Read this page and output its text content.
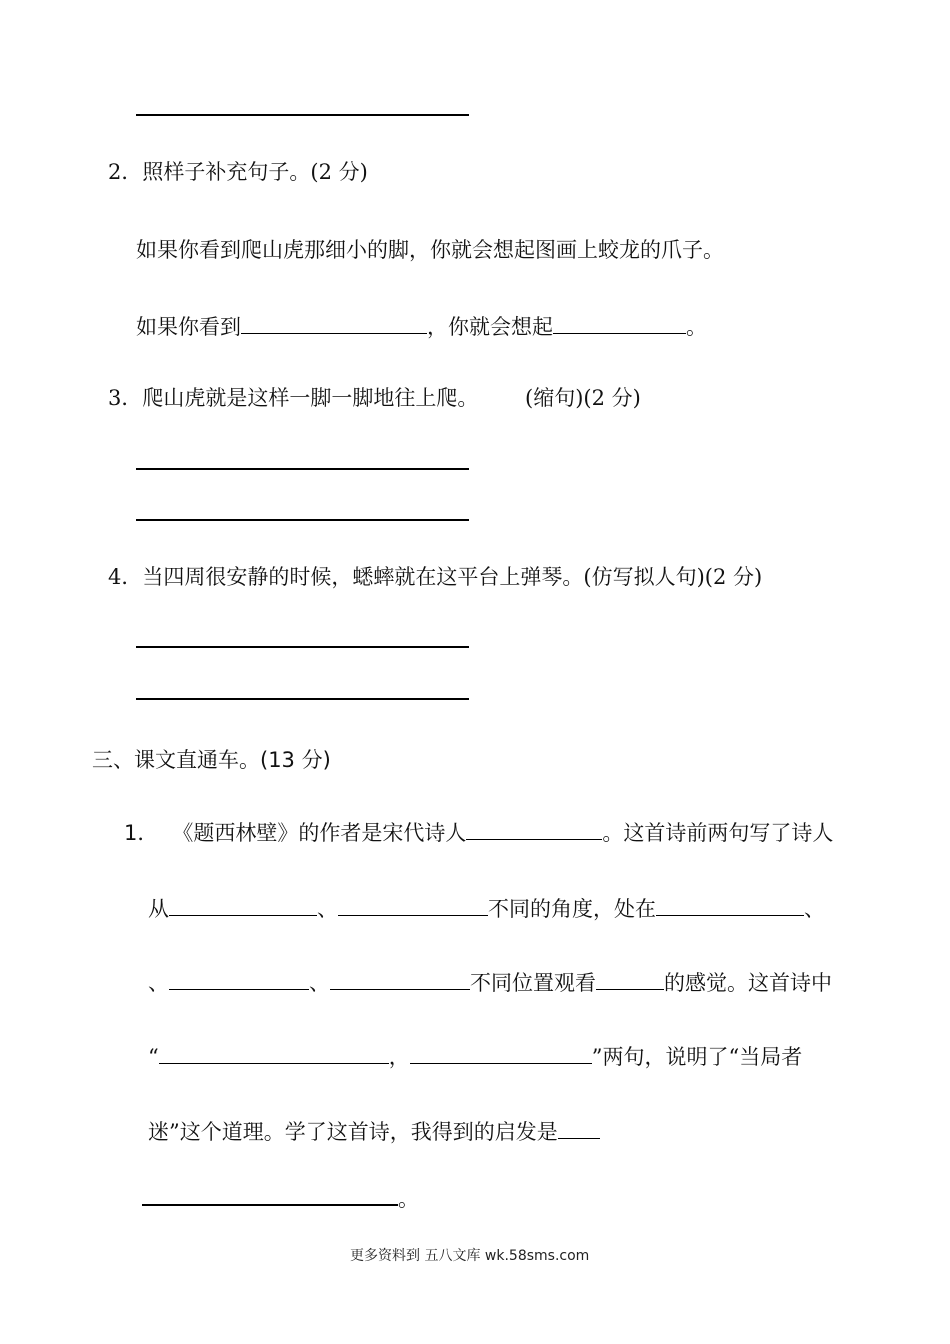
2．照样子补充句子。(2 分)
如果你看到爬山虎那细小的脚，你就会想起图画上蛟龙的爪子。
如果你看到	，你就会想起	。
3．爬山虎就是这样一脚一脚地往上爬。 (缩句)(2 分)
4．当四周很安静的时候，蟋蟀就在这平台上弹琴。(仿写拟人句)(2 分)
三、课文直通车。(13 分)
1． 《题西林壁》的作者是宋代诗人	。这首诗前两句写了诗人
从	、	不同的角度，处在	、
、	、	不同位置观看	的感觉。这首诗中
“	，	”两句，说明了“当局者
迷”这个道理。学了这首诗，我得到的启发是
。
更多资料到 五八文库 wk.58sms.com
